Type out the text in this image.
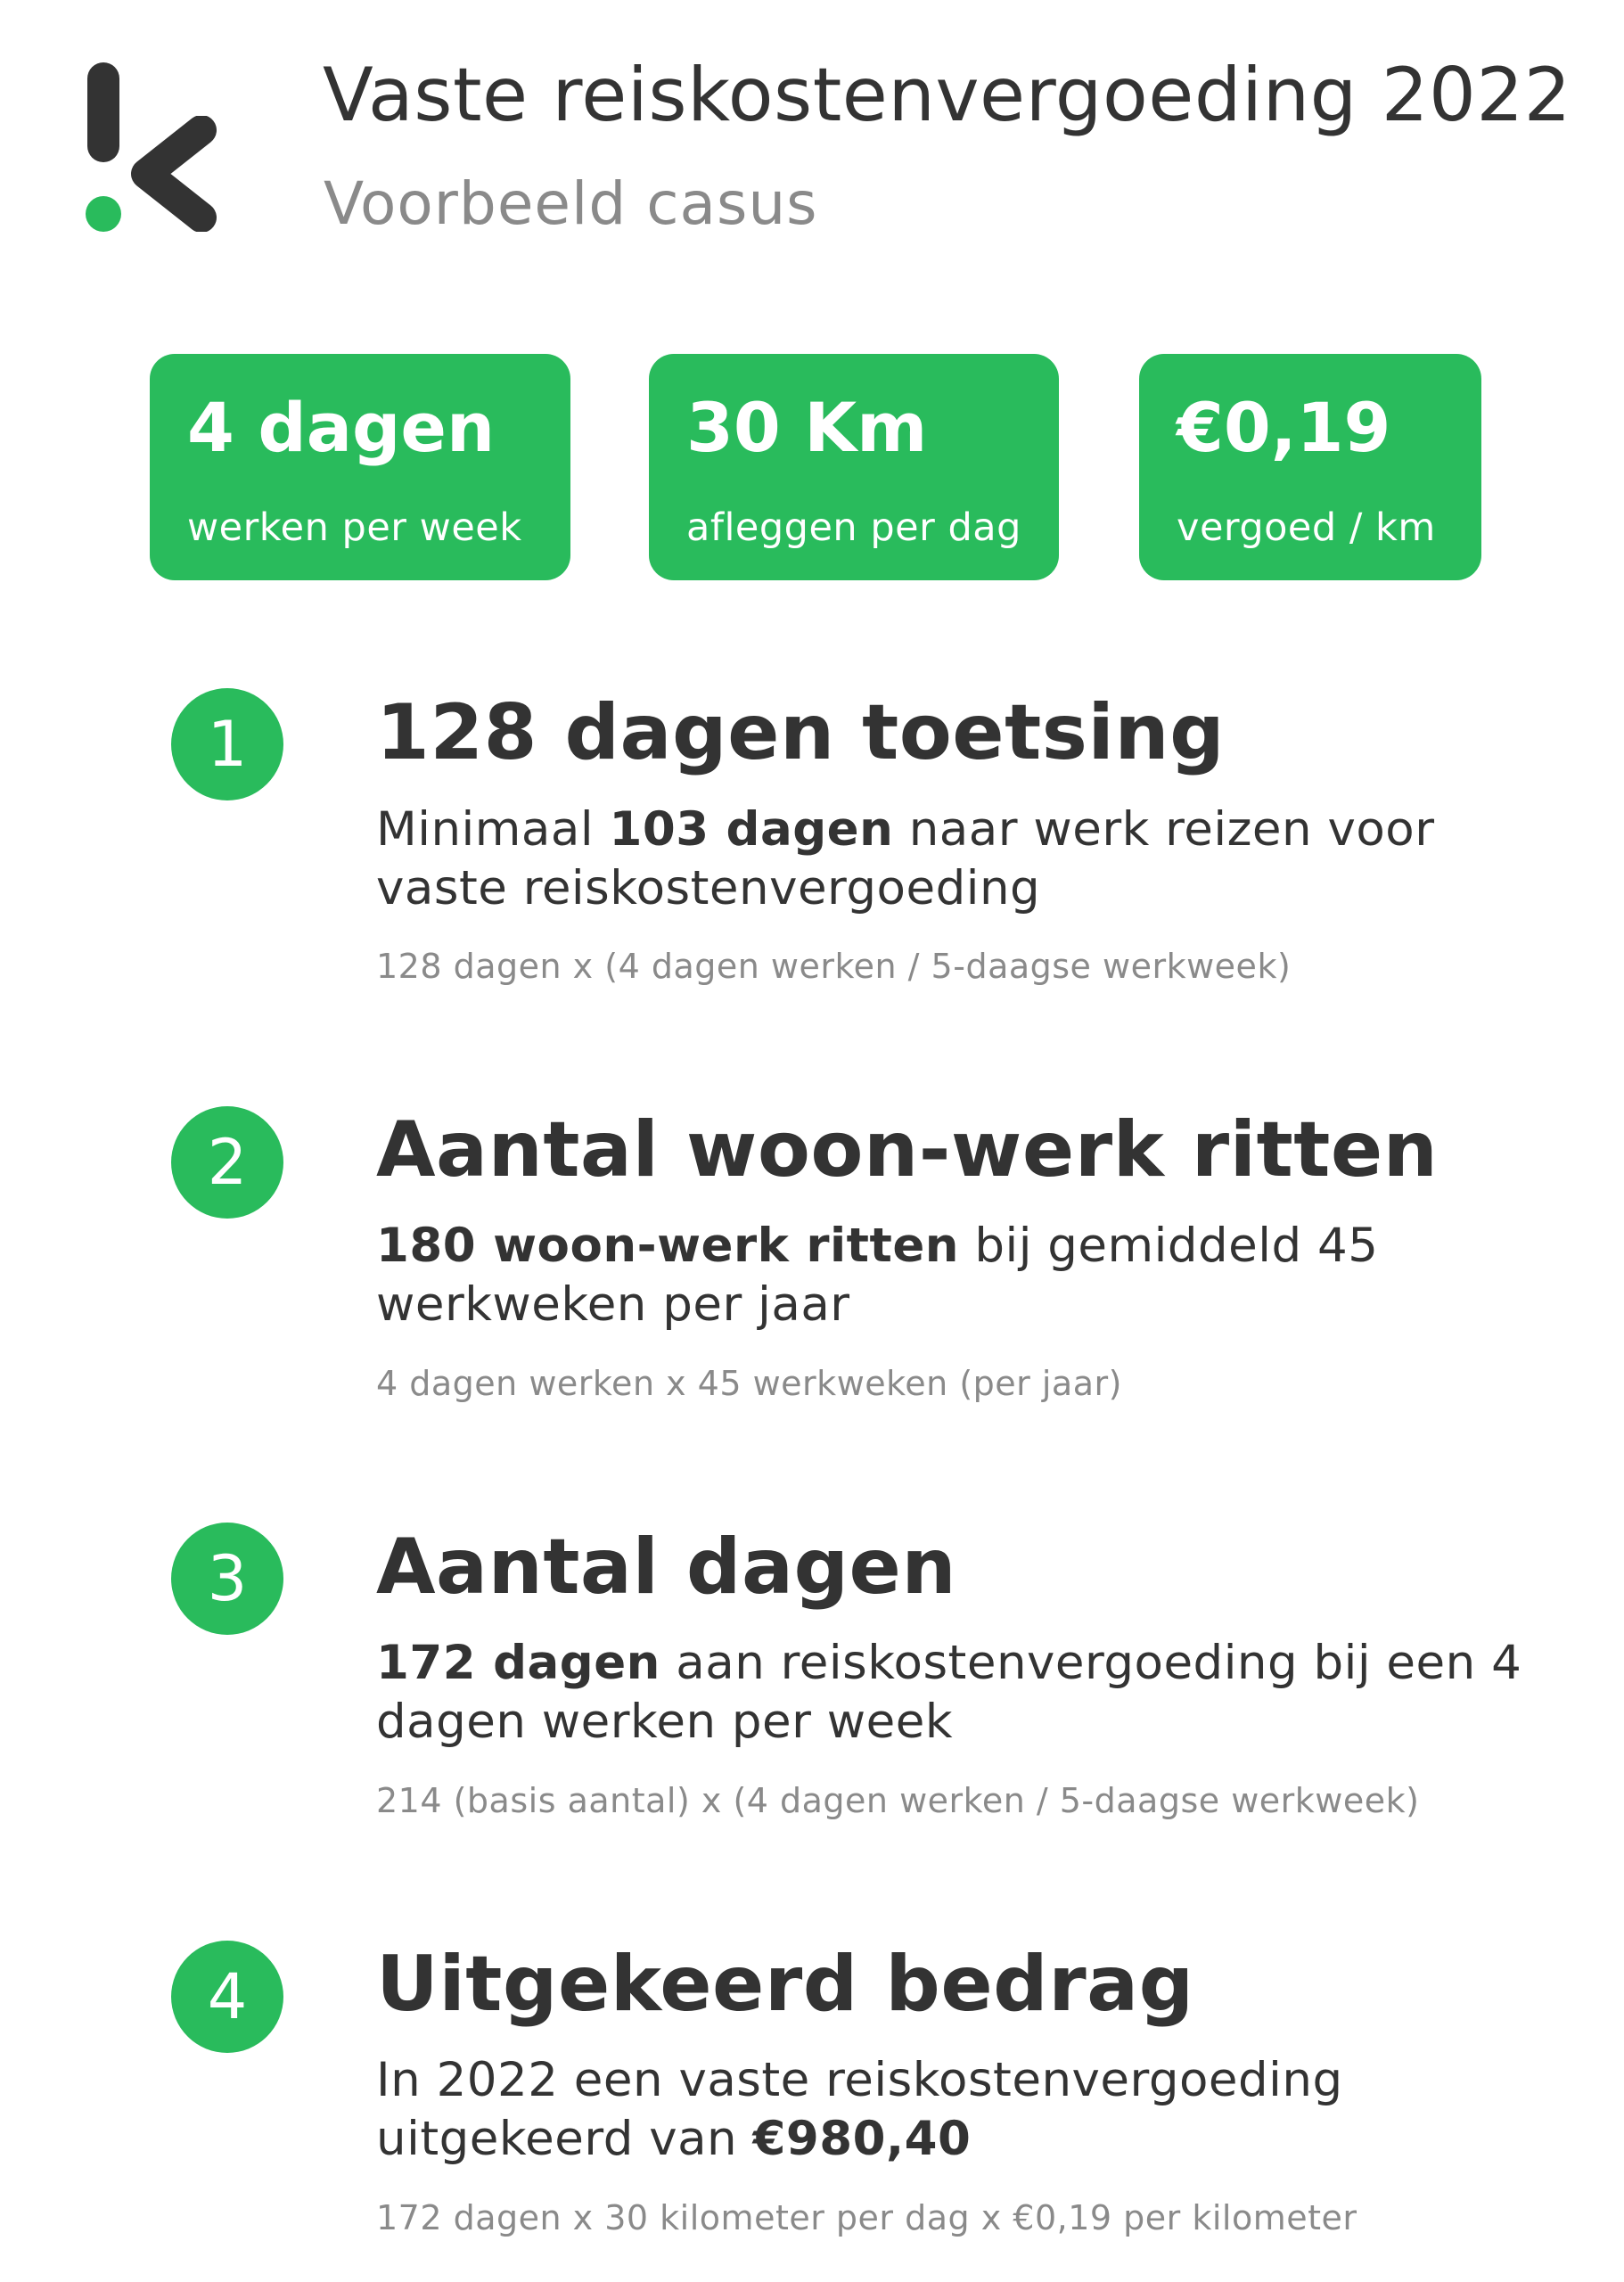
Vaste reiskostenvergoeding 2022
Voorbeeld casus
4 dagen
werken per week
30 Km
afleggen per dag
€0,19
vergoed / km
1	128 dagen toetsing
Minimaal 103 dagen naar werk reizen voor vaste reiskostenvergoeding
128 dagen x (4 dagen werken / 5-daagse werkweek)
2	Aantal woon-werk ritten
180 woon-werk ritten bij gemiddeld 45 werkweken per jaar
4 dagen werken x 45 werkweken (per jaar)
3	Aantal dagen
172 dagen aan reiskostenvergoeding bij een 4 dagen werken per week
214 (basis aantal) x (4 dagen werken / 5-daagse werkweek)
4	Uitgekeerd bedrag
In 2022 een vaste reiskostenvergoeding uitgekeerd van €980,40
172 dagen x 30 kilometer per dag x €0,19 per kilometer
